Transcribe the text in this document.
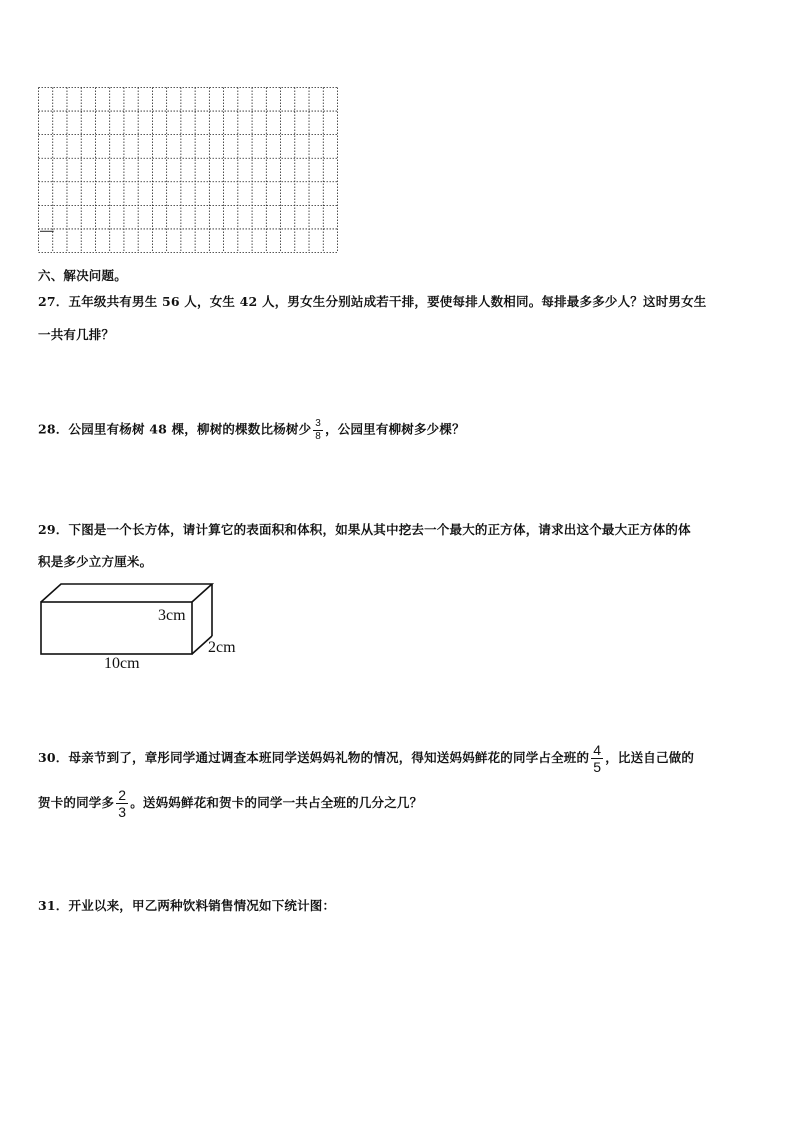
六、解决问题。
27．五年级共有男生 56 人，女生 42 人，男女生分别站成若干排，要使每排人数相同。每排最多多少人？这时男女生
一共有几排？
28．公园里有杨树 48 棵，柳树的棵数比杨树少 $\frac{3}{8}$ ，公园里有柳树多少棵？
29．下图是一个长方体，请计算它的表面积和体积，如果从其中挖去一个最大的正方体，请求出这个最大正方体的体
积是多少立方厘米。
3cm
2cm
10cm
30．母亲节到了，章彤同学通过调查本班同学送妈妈礼物的情况，得知送妈妈鲜花的同学占全班的 $\frac{4}{5}$ ，比送自己做的
贺卡的同学多 $\frac{2}{3}$ 。送妈妈鲜花和贺卡的同学一共占全班的几分之几？
31．开业以来，甲乙两种饮料销售情况如下统计图：
